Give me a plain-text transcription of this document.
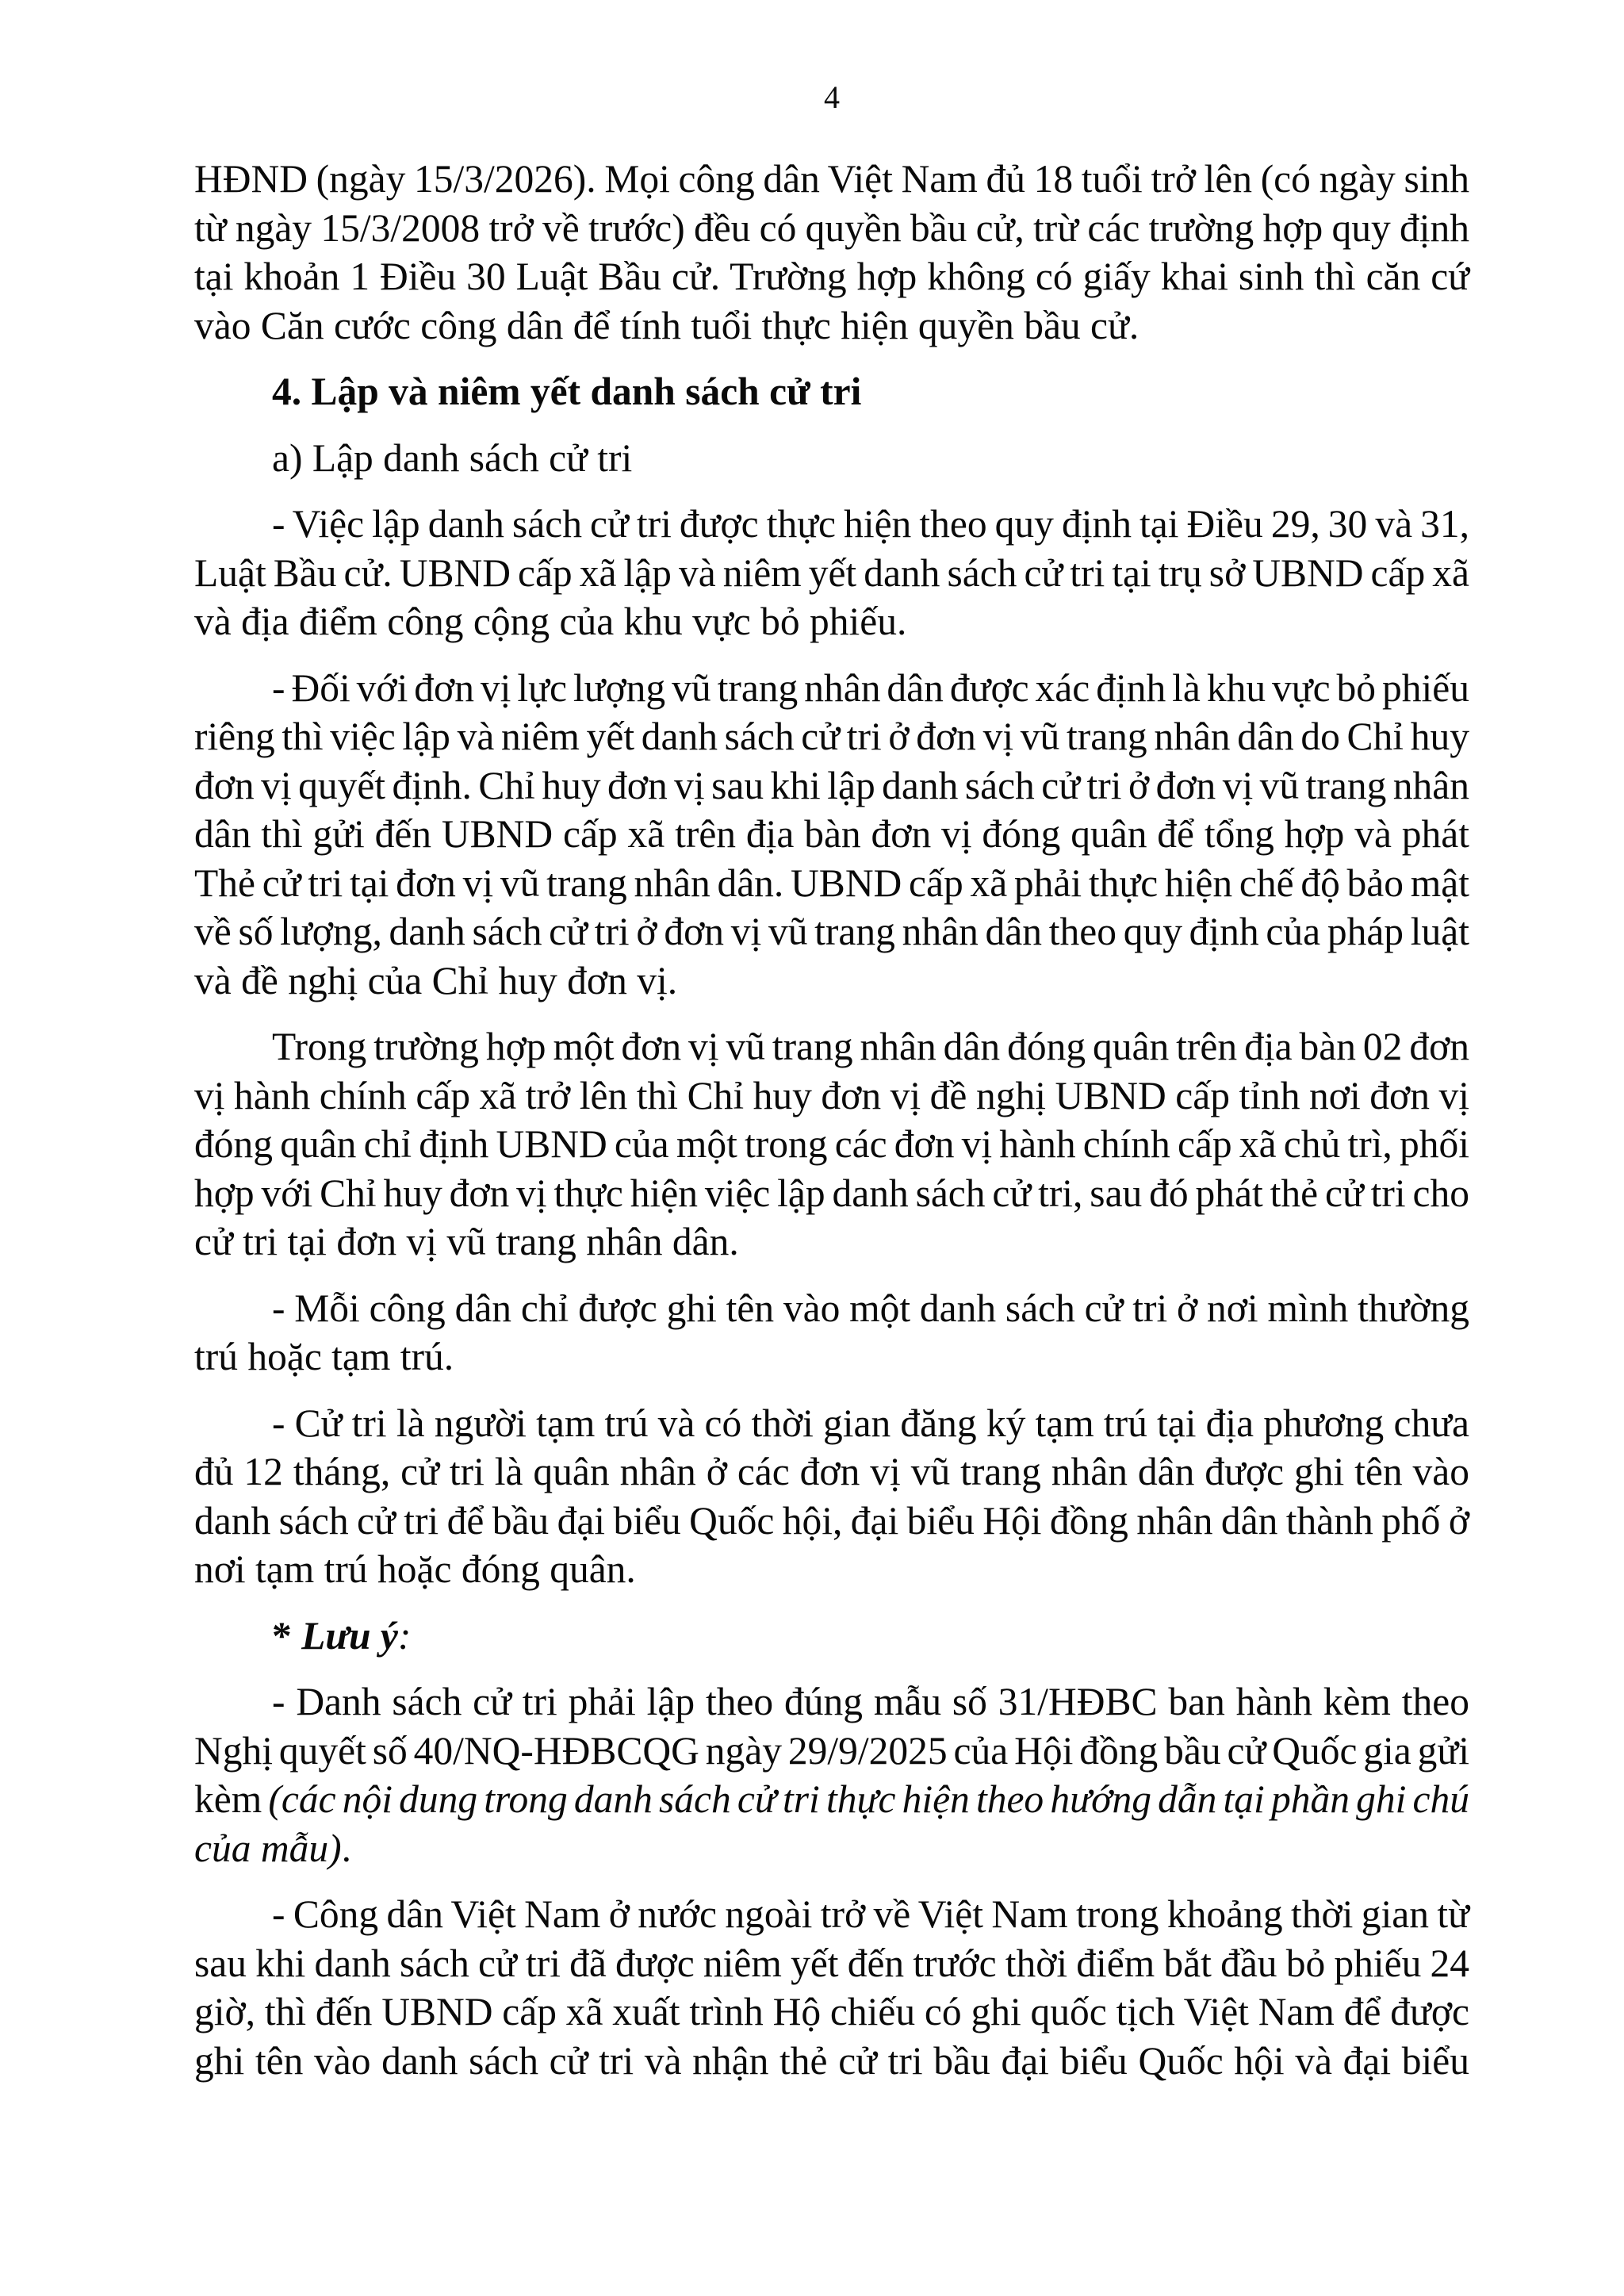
4
HĐND (ngày 15/3/2026). Mọi công dân Việt Nam đủ 18 tuổi trở lên (có ngày sinh
từ ngày 15/3/2008 trở về trước) đều có quyền bầu cử, trừ các trường hợp quy định
tại khoản 1 Điều 30 Luật Bầu cử. Trường hợp không có giấy khai sinh thì căn cứ
vào Căn cước công dân để tính tuổi thực hiện quyền bầu cử.
4. Lập và niêm yết danh sách cử tri
a) Lập danh sách cử tri
- Việc lập danh sách cử tri được thực hiện theo quy định tại Điều 29, 30 và 31,
Luật Bầu cử. UBND cấp xã lập và niêm yết danh sách cử tri tại trụ sở UBND cấp xã
và địa điểm công cộng của khu vực bỏ phiếu.
- Đối với đơn vị lực lượng vũ trang nhân dân được xác định là khu vực bỏ phiếu
riêng thì việc lập và niêm yết danh sách cử tri ở đơn vị vũ trang nhân dân do Chỉ huy
đơn vị quyết định. Chỉ huy đơn vị sau khi lập danh sách cử tri ở đơn vị vũ trang nhân
dân thì gửi đến UBND cấp xã trên địa bàn đơn vị đóng quân để tổng hợp và phát
Thẻ cử tri tại đơn vị vũ trang nhân dân. UBND cấp xã phải thực hiện chế độ bảo mật
về số lượng, danh sách cử tri ở đơn vị vũ trang nhân dân theo quy định của pháp luật
và đề nghị của Chỉ huy đơn vị.
Trong trường hợp một đơn vị vũ trang nhân dân đóng quân trên địa bàn 02 đơn
vị hành chính cấp xã trở lên thì Chỉ huy đơn vị đề nghị UBND cấp tỉnh nơi đơn vị
đóng quân chỉ định UBND của một trong các đơn vị hành chính cấp xã chủ trì, phối
hợp với Chỉ huy đơn vị thực hiện việc lập danh sách cử tri, sau đó phát thẻ cử tri cho
cử tri tại đơn vị vũ trang nhân dân.
- Mỗi công dân chỉ được ghi tên vào một danh sách cử tri ở nơi mình thường
trú hoặc tạm trú.
- Cử tri là người tạm trú và có thời gian đăng ký tạm trú tại địa phương chưa
đủ 12 tháng, cử tri là quân nhân ở các đơn vị vũ trang nhân dân được ghi tên vào
danh sách cử tri để bầu đại biểu Quốc hội, đại biểu Hội đồng nhân dân thành phố ở
nơi tạm trú hoặc đóng quân.
* Lưu ý:
- Danh sách cử tri phải lập theo đúng mẫu số 31/HĐBC ban hành kèm theo
Nghị quyết số 40/NQ-HĐBCQG ngày 29/9/2025 của Hội đồng bầu cử Quốc gia gửi
kèm (các nội dung trong danh sách cử tri thực hiện theo hướng dẫn tại phần ghi chú
của mẫu).
- Công dân Việt Nam ở nước ngoài trở về Việt Nam trong khoảng thời gian từ
sau khi danh sách cử tri đã được niêm yết đến trước thời điểm bắt đầu bỏ phiếu 24
giờ, thì đến UBND cấp xã xuất trình Hộ chiếu có ghi quốc tịch Việt Nam để được
ghi tên vào danh sách cử tri và nhận thẻ cử tri bầu đại biểu Quốc hội và đại biểu
